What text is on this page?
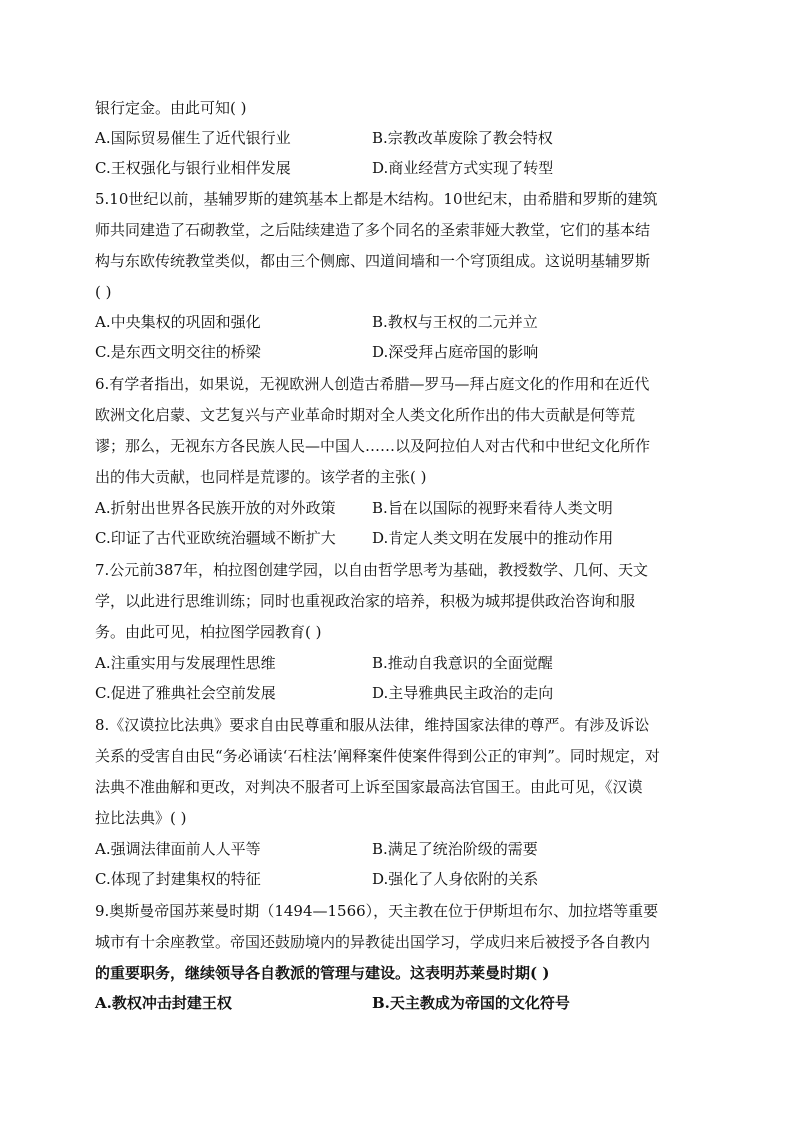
银行定金。由此可知( )
A.国际贸易催生了近代银行业	B.宗教改革废除了教会特权
C.王权强化与银行业相伴发展	D.商业经营方式实现了转型
5.10世纪以前，基辅罗斯的建筑基本上都是木结构。10世纪末，由希腊和罗斯的建筑
师共同建造了石砌教堂，之后陆续建造了多个同名的圣索菲娅大教堂，它们的基本结
构与东欧传统教堂类似，都由三个侧廊、四道间墙和一个穹顶组成。这说明基辅罗斯
( )
A.中央集权的巩固和强化	B.教权与王权的二元并立
C.是东西文明交往的桥梁	D.深受拜占庭帝国的影响
6.有学者指出，如果说，无视欧洲人创造古希腊—罗马—拜占庭文化的作用和在近代
欧洲文化启蒙、文艺复兴与产业革命时期对全人类文化所作出的伟大贡献是何等荒
谬；那么，无视东方各民族人民—中国人……以及阿拉伯人对古代和中世纪文化所作
出的伟大贡献，也同样是荒谬的。该学者的主张( )
A.折射出世界各民族开放的对外政策 B.旨在以国际的视野来看待人类文明
C.印证了古代亚欧统治疆域不断扩大 D.肯定人类文明在发展中的推动作用
7.公元前387年，柏拉图创建学园，以自由哲学思考为基础，教授数学、几何、天文
学，以此进行思维训练；同时也重视政治家的培养，积极为城邦提供政治咨询和服
务。由此可见，柏拉图学园教育( )
A.注重实用与发展理性思维	B.推动自我意识的全面觉醒
C.促进了雅典社会空前发展	D.主导雅典民主政治的走向
8.《汉谟拉比法典》要求自由民尊重和服从法律，维持国家法律的尊严。有涉及诉讼
关系的受害自由民“务必诵读‘石柱法’阐释案件使案件得到公正的审判”。同时规定，对
法典不准曲解和更改，对判决不服者可上诉至国家最高法官国王。由此可见，《汉谟
拉比法典》( )
A.强调法律面前人人平等	B.满足了统治阶级的需要
C.体现了封建集权的特征	D.强化了人身依附的关系
9.奥斯曼帝国苏莱曼时期（1494—1566），天主教在位于伊斯坦布尔、加拉塔等重要
城市有十余座教堂。帝国还鼓励境内的异教徒出国学习，学成归来后被授予各自教内
的重要职务，继续领导各自教派的管理与建设。这表明苏莱曼时期( )
A.教权冲击封建王权	B.天主教成为帝国的文化符号
